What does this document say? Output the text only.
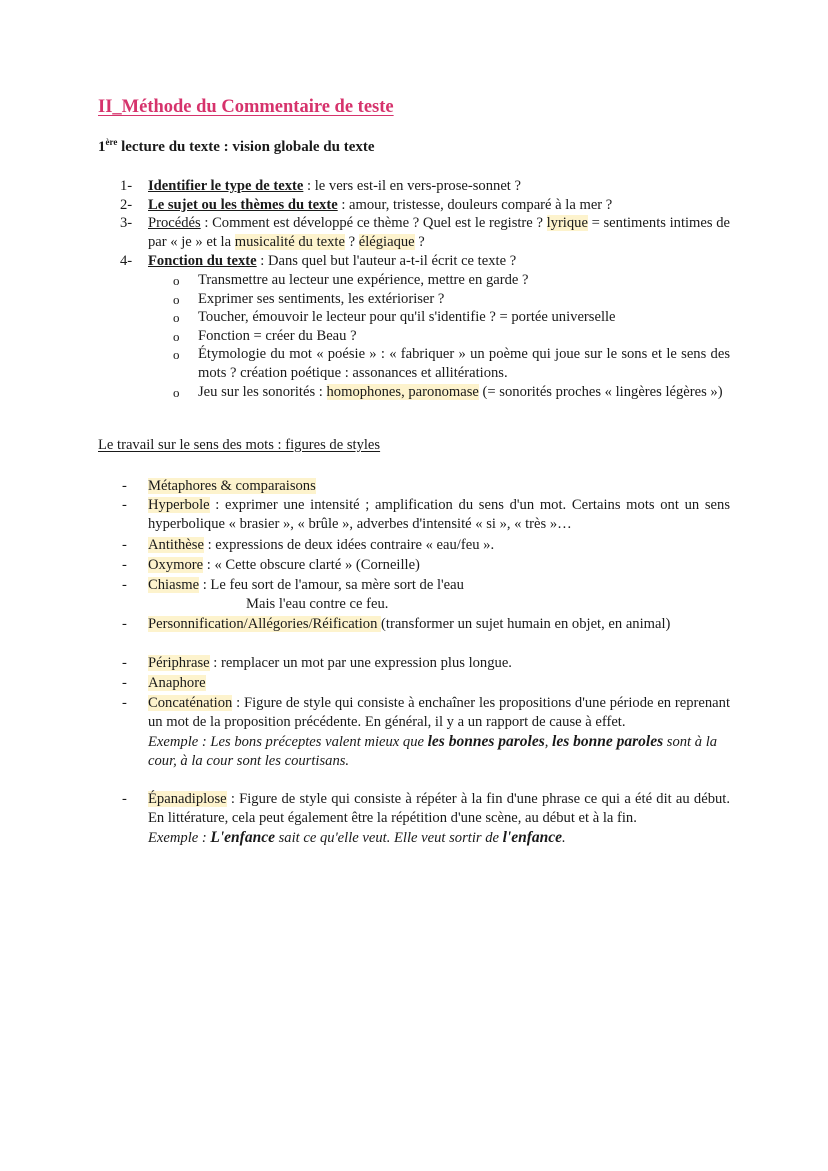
II_Méthode du Commentaire de teste

1ère lecture du texte : vision globale du texte

1- Identifier le type de texte : le vers est-il en vers-prose-sonnet ?
2- Le sujet ou les thèmes du texte : amour, tristesse, douleurs comparé à la mer ?
3- Procédés : Comment est développé ce thème ? Quel est le registre ? lyrique = sentiments intimes de par « je » et la musicalité du texte ? élégiaque ?
4- Fonction du texte : Dans quel but l'auteur a-t-il écrit ce texte ?
o Transmettre au lecteur une expérience, mettre en garde ?
o Exprimer ses sentiments, les extérioriser ?
o Toucher, émouvoir le lecteur pour qu'il s'identifie ? = portée universelle
o Fonction = créer du Beau ?
o Étymologie du mot « poésie » : « fabriquer » un poème qui joue sur le sons et le sens des mots ? création poétique : assonances et allitérations.
o Jeu sur les sonorités : homophones, paronomase (= sonorités proches « lingères légères »)
Le travail sur le sens des mots : figures de styles
- Métaphores & comparaisons
- Hyperbole : exprimer une intensité ; amplification du sens d'un mot. Certains mots ont un sens hyperbolique « brasier », « brûle », adverbes d'intensité « si », « très »…
- Antithèse : expressions de deux idées contraire « eau/feu ».
- Oxymore : « Cette obscure clarté » (Corneille)
- Chiasme : Le feu sort de l'amour, sa mère sort de l'eau
Mais l'eau contre ce feu.
- Personnification/Allégories/Réification (transformer un sujet humain en objet, en animal)
- Périphrase : remplacer un mot par une expression plus longue.
- Anaphore
- Concaténation : Figure de style qui consiste à enchaîner les propositions d'une période en reprenant un mot de la proposition précédente. En général, il y a un rapport de cause à effet.
Exemple : Les bons préceptes valent mieux que les bonnes paroles, les bonne paroles sont à la cour, à la cour sont les courtisans.
- Épanadiplose : Figure de style qui consiste à répéter à la fin d'une phrase ce qui a été dit au début. En littérature, cela peut également être la répétition d'une scène, au début et à la fin.
Exemple : L'enfance sait ce qu'elle veut. Elle veut sortir de l'enfance.
